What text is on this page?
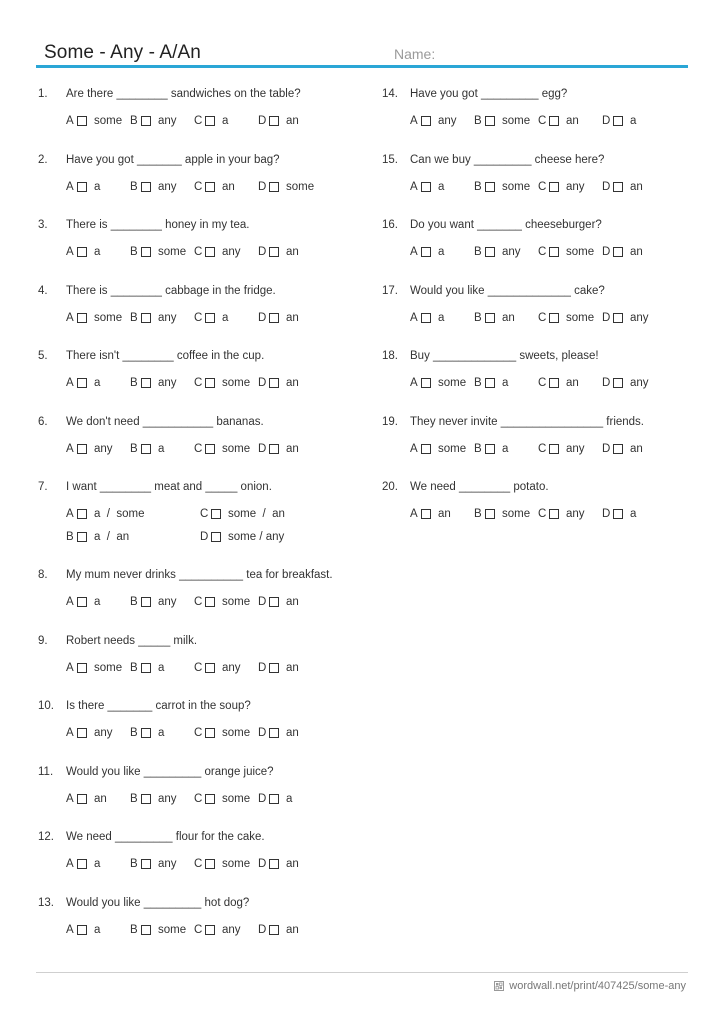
Some - Any - A/An	Name:
1. Are there ________ sandwiches on the table?
A some B any C a	D an
2. Have you got _______ apple in your bag?
A a	B any C an D some
3. There is ________ honey in my tea.
A a	B some C any D an
4. There is ________ cabbage in the fridge.
A some B any C a	D an
5. There isn't ________ coffee in the cup.
A a	B any C some D an
6. We don't need ___________ bananas.
A any B a	C some D an
7. I want ________ meat and _____ onion.
A a  /  some	C some  /  an
B a  /  an	D some / any
8. My mum never drinks __________ tea for breakfast.
A a	B any C some D an
9. Robert needs _____ milk.
A some B a	C any D an
10. Is there _______ carrot in the soup?
A any B a	C some D an
11. Would you like _________ orange juice?
A an B any C some D a
12. We need _________ flour for the cake.
A a	B any C some D an
13. Would you like _________ hot dog?
A a	B some C any D an
14. Have you got _________ egg?
A any B some C an D a
15. Can we buy _________ cheese here?
A a	B some C any D an
16. Do you want _______ cheeseburger?
A a	B any C some D an
17. Would you like _____________ cake?
A a	B an C some D any
18. Buy _____________ sweets, please!
A some B a	C an D any
19. They never invite ________________ friends.
A some B a	C any D an
20. We need ________ potato.
A an B some C any D a
wordwall.net/print/407425/some-any
